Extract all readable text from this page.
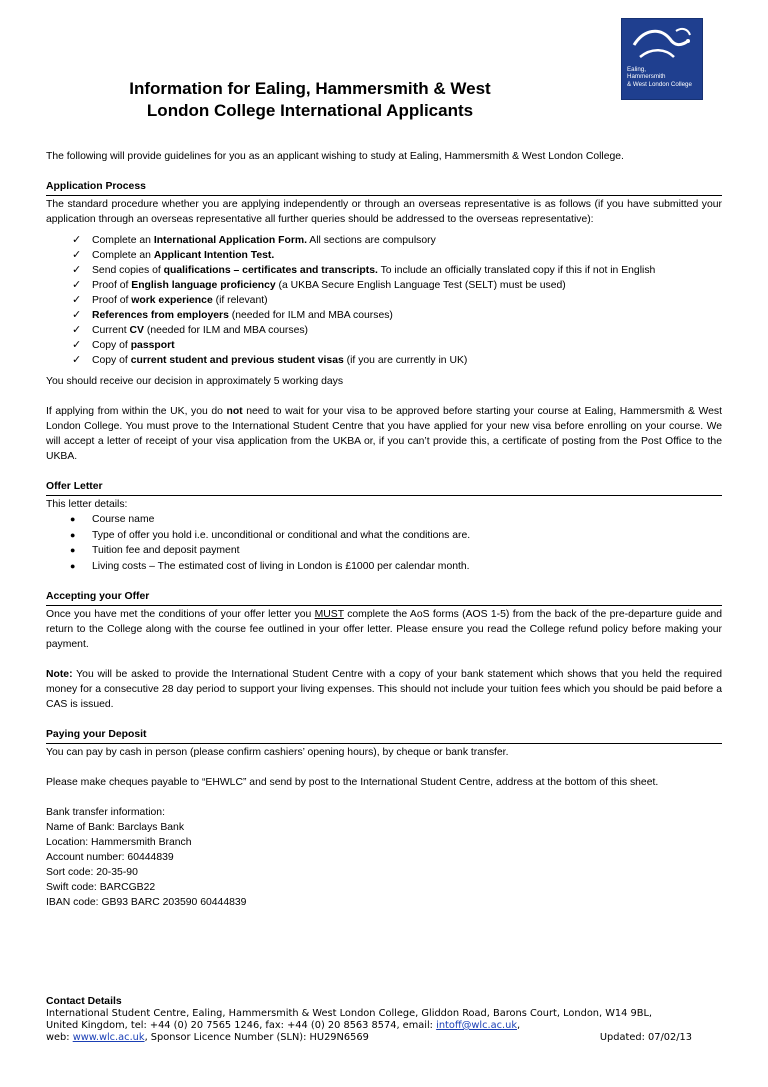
Ealing,
Hammersmith
& West London College
Information for Ealing, Hammersmith & West
London College International Applicants

The following will provide guidelines for you as an applicant wishing to study at Ealing, Hammersmith & West London College.

Application Process

The standard procedure whether you are applying independently or through an overseas representative is as follows (if you have submitted your application through an overseas representative all further queries should be addressed to the overseas representative):

✓ Complete an International Application Form. All sections are compulsory
✓ Complete an Applicant Intention Test.
✓ Send copies of qualifications – certificates and transcripts. To include an officially translated copy if this if not in English
✓ Proof of English language proficiency (a UKBA Secure English Language Test (SELT) must be used)
✓ Proof of work experience (if relevant)
✓ References from employers (needed for ILM and MBA courses)
✓ Current CV (needed for ILM and MBA courses)
✓ Copy of passport
✓ Copy of current student and previous student visas (if you are currently in UK)

You should receive our decision in approximately 5 working days

If applying from within the UK, you do not need to wait for your visa to be approved before starting your course at Ealing, Hammersmith & West London College. You must prove to the International Student Centre that you have applied for your new visa before enrolling on your course. We will accept a letter of receipt of your visa application from the UKBA or, if you can’t provide this, a certificate of posting from the Post Office to the UKBA.

Offer Letter

This letter details:

● Course name
● Type of offer you hold i.e. unconditional or conditional and what the conditions are.
● Tuition fee and deposit payment
● Living costs – The estimated cost of living in London is £1000 per calendar month.
Accepting your Offer

Once you have met the conditions of your offer letter you MUST complete the AoS forms (AOS 1-5) from the back of the pre-departure guide and return to the College along with the course fee outlined in your offer letter. Please ensure you read the College refund policy before making your payment.

Note: You will be asked to provide the International Student Centre with a copy of your bank statement which shows that you held the required money for a consecutive 28 day period to support your living expenses. This should not include your tuition fees which you should be paid before a CAS is issued.

Paying your Deposit

You can pay by cash in person (please confirm cashiers’ opening hours), by cheque or bank transfer.

Please make cheques payable to “EHWLC” and send by post to the International Student Centre, address at the bottom of this sheet.

Bank transfer information:

Name of Bank: Barclays Bank

Location: Hammersmith Branch

Account number: 60444839

Sort code: 20-35-90

Swift code: BARCGB22

IBAN code: GB93 BARC 203590 60444839

Contact Details
International Student Centre, Ealing, Hammersmith & West London College, Gliddon Road, Barons Court, London, W14 9BL,
United Kingdom, tel: +44 (0) 20 7565 1246, fax: +44 (0) 20 8563 8574, email: intoff@wlc.ac.uk,
web: www.wlc.ac.uk, Sponsor Licence Number (SLN): HU29N6569	Updated: 07/02/13
